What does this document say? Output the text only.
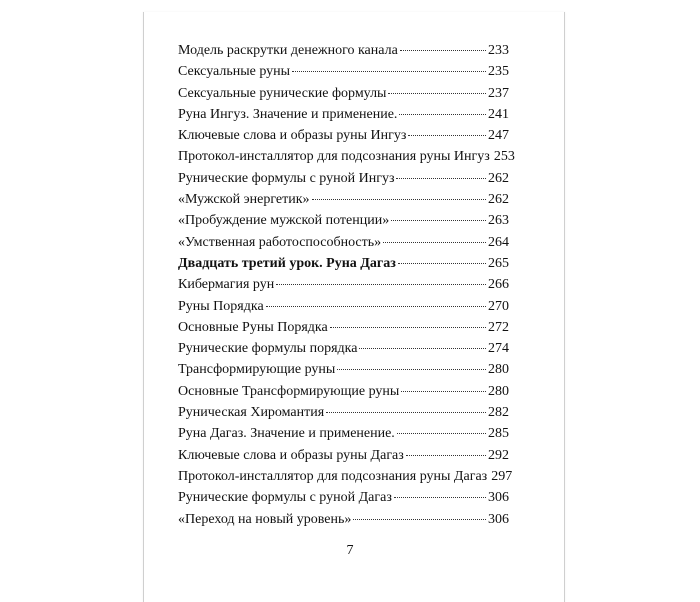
Модель раскрутки денежного канала	233
Сексуальные руны	235
Сексуальные рунические формулы	237
Руна Ингуз. Значение и применение.	241
Ключевые слова и образы руны Ингуз	247
Протокол-инсталлятор для подсознания руны Ингуз 253
Рунические формулы с руной Ингуз	262
«Мужской энергетик»	262
«Пробуждение мужской потенции»	263
«Умственная работоспособность»	264
Двадцать третий урок. Руна Дагаз	265
Кибермагия рун	266
Руны Порядка	270
Основные Руны Порядка	272
Рунические формулы порядка	274
Трансформирующие руны	280
Основные Трансформирующие руны	280
Руническая Хиромантия	282
Руна Дагаз. Значение и применение.	285
Ключевые слова и образы руны Дагаз	292
Протокол-инсталлятор для подсознания руны Дагаз 297
Рунические формулы с руной Дагаз	306
«Переход на новый уровень»	306
7
